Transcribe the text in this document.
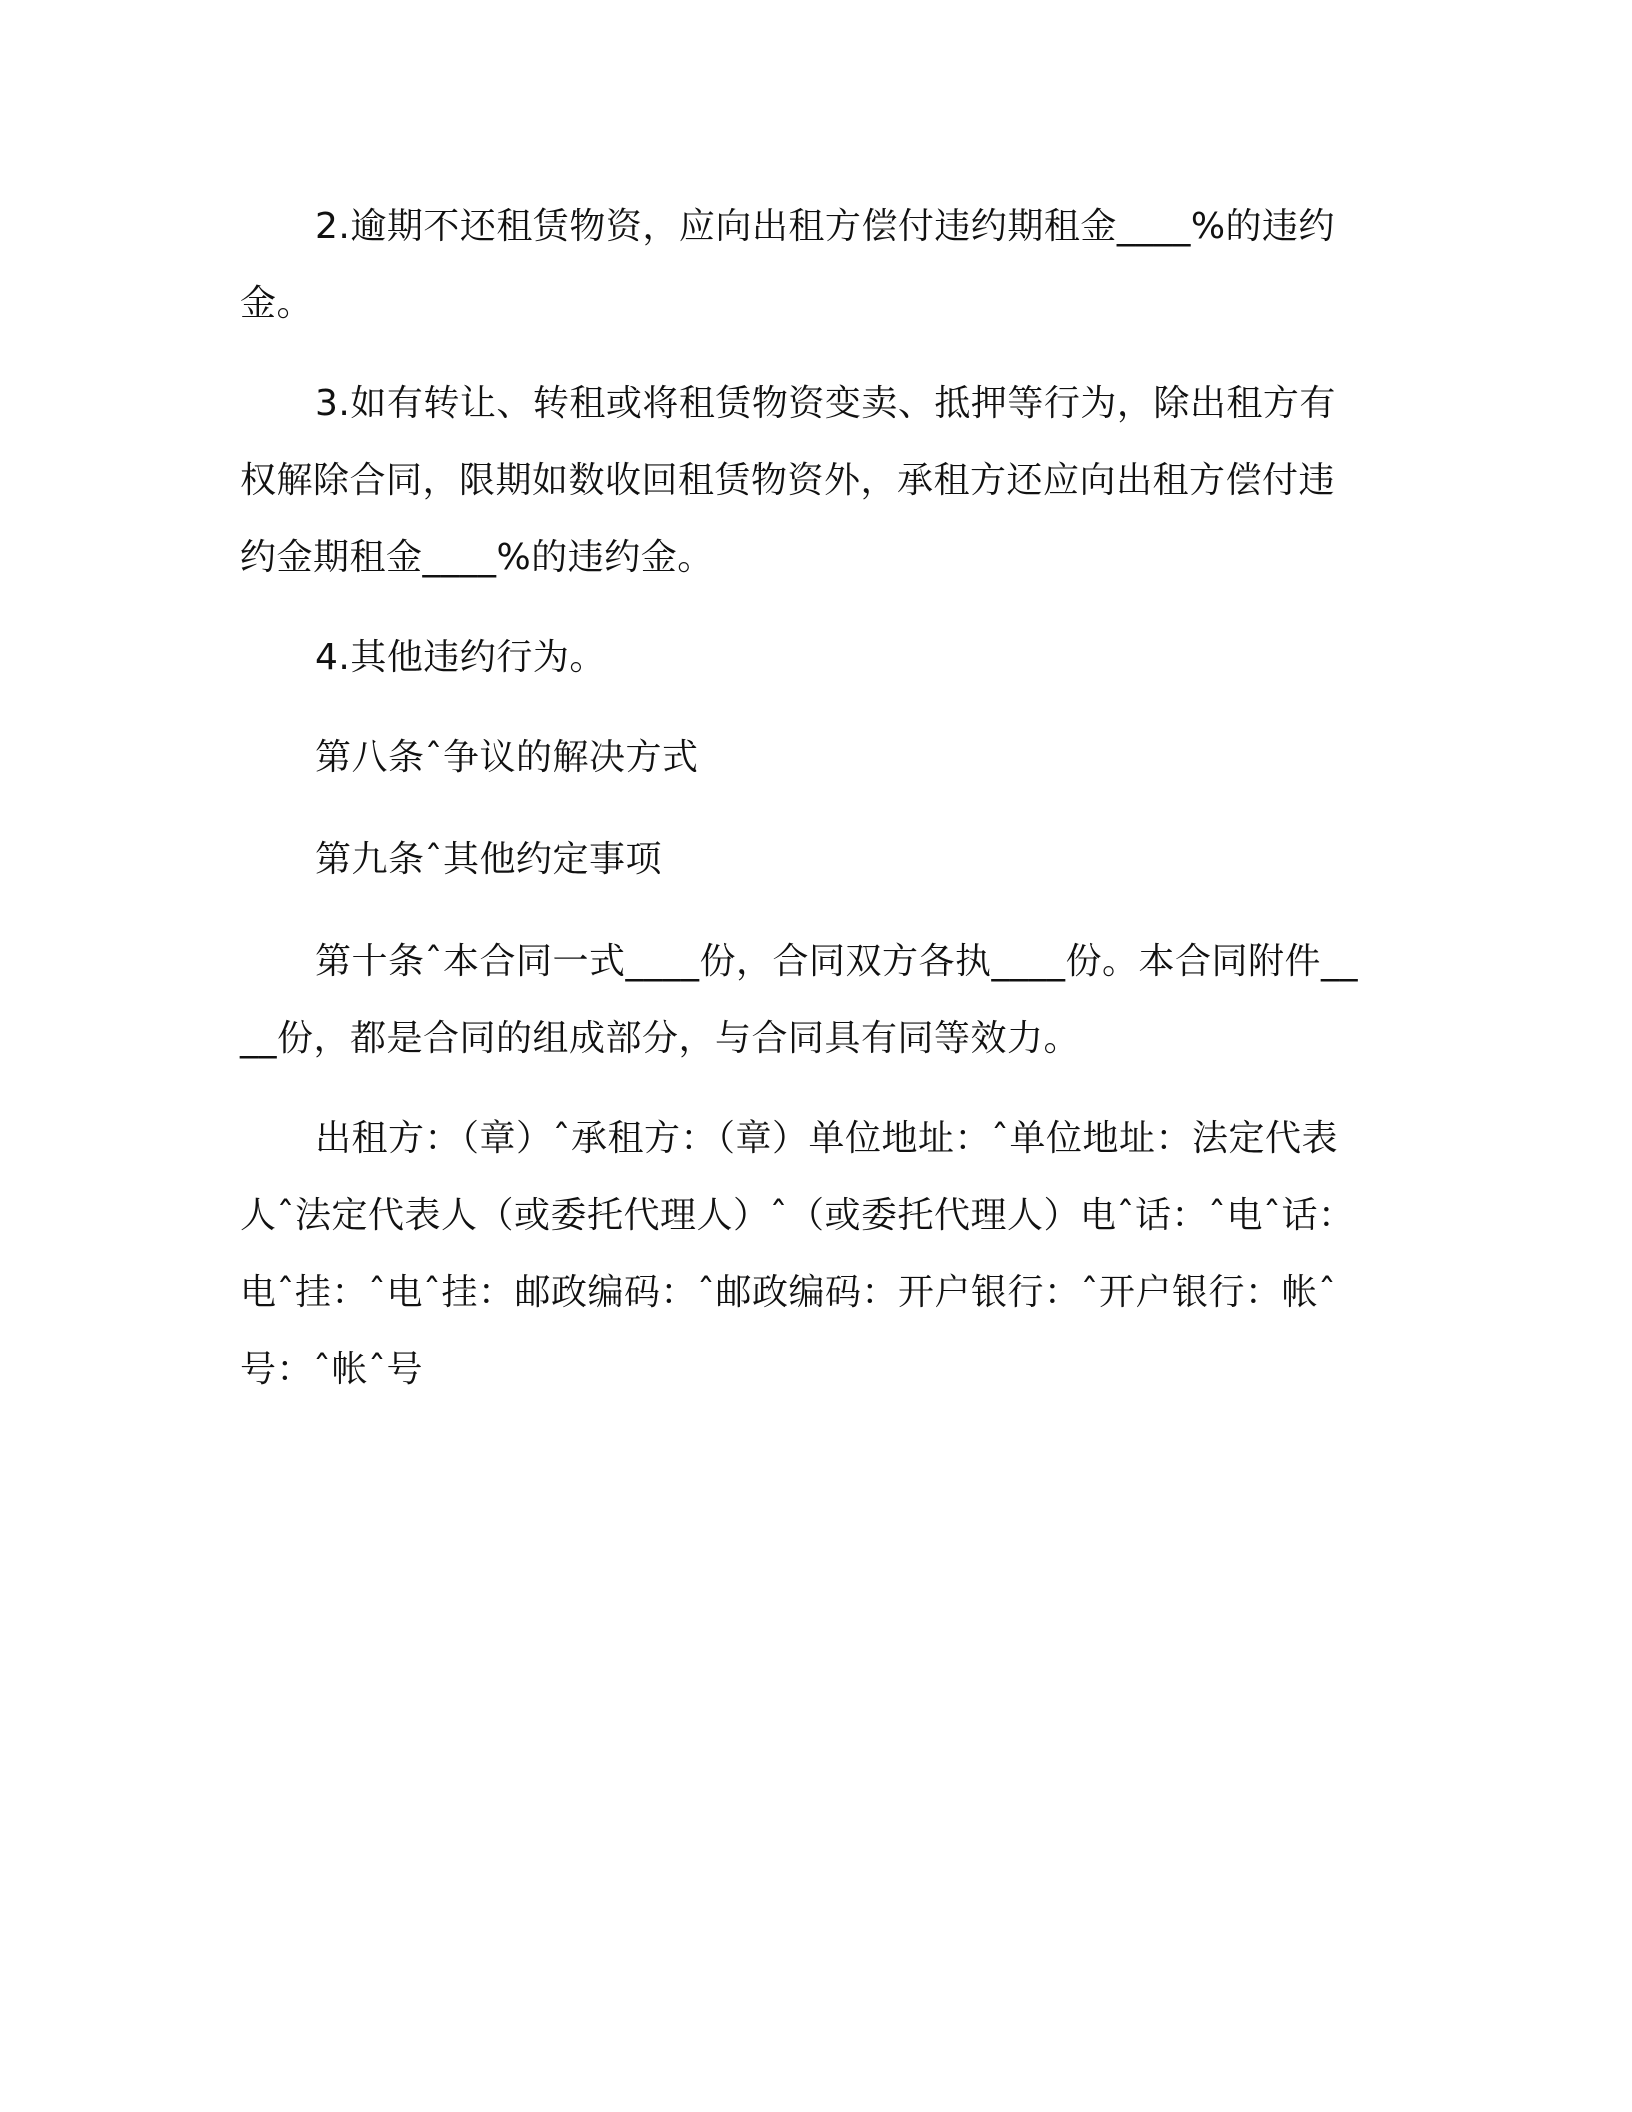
2.逾期不还租赁物资，应向出租方偿付违约期租金____%的违约金。

3.如有转让、转租或将租赁物资变卖、抵押等行为，除出租方有权解除合同，限期如数收回租赁物资外，承租方还应向出租方偿付违约金期租金____%的违约金。

4.其他违约行为。

第八条ˆ争议的解决方式

第九条ˆ其他约定事项

第十条ˆ本合同一式____份，合同双方各执____份。本合同附件____份，都是合同的组成部分，与合同具有同等效力。

出租方：（章）ˆ承租方：（章）单位地址：ˆ单位地址：法定代表人ˆ法定代表人（或委托代理人）ˆ（或委托代理人）电ˆ话：ˆ电ˆ话：电ˆ挂：ˆ电ˆ挂：邮政编码：ˆ邮政编码：开户银行：ˆ开户银行：帐ˆ号：ˆ帐ˆ号
